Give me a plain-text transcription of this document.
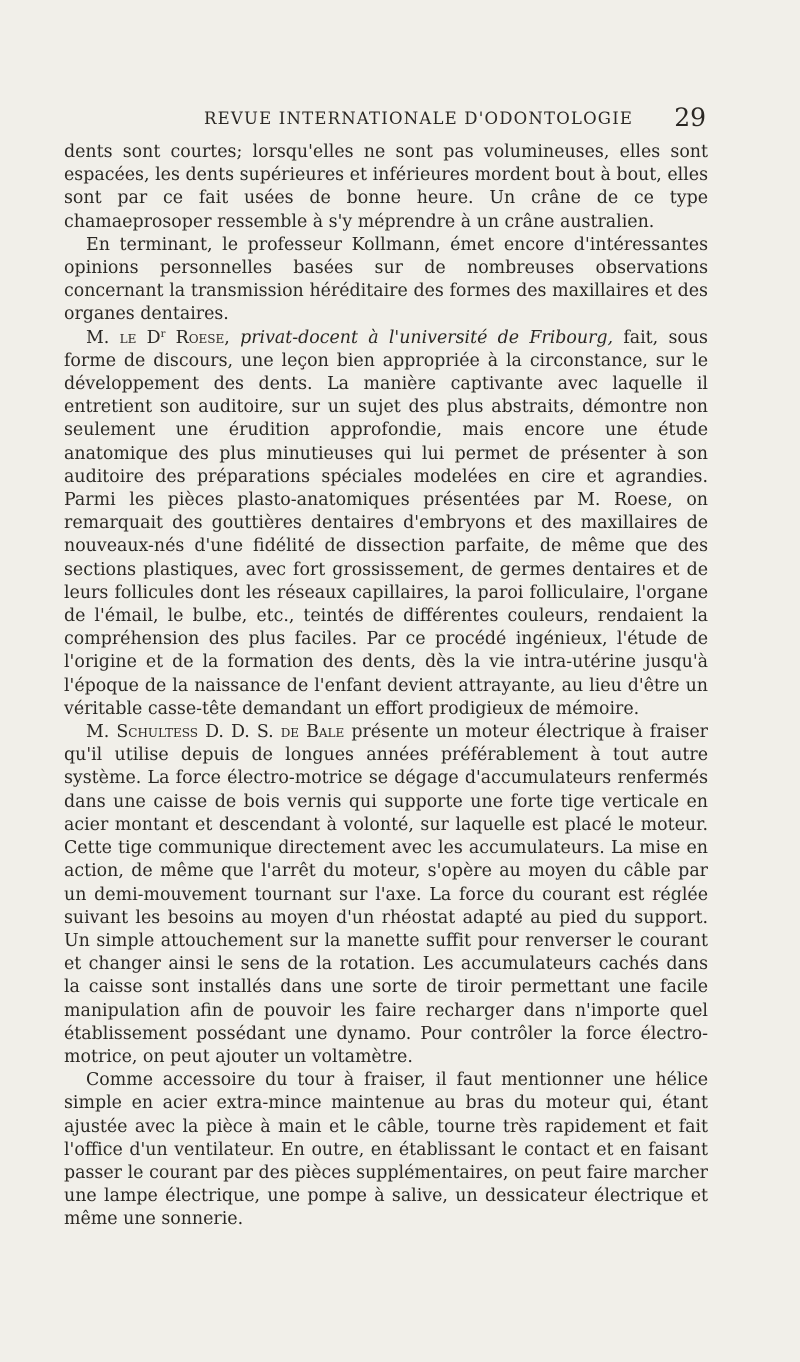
REVUE INTERNATIONALE D'ODONTOLOGIE 29

dents sont courtes; lorsqu'elles ne sont pas volumineuses, elles sont espacées, les dents supérieures et inférieures mordent bout à bout, elles sont par ce fait usées de bonne heure. Un crâne de ce type chamaeprosoper ressemble à s'y méprendre à un crâne australien.

En terminant, le professeur Kollmann, émet encore d'intéressantes opinions personnelles basées sur de nombreuses observations concernant la transmission héréditaire des formes des maxillaires et des organes dentaires.

M. le $D^r$ Roese, privat-docent à l'université de Fribourg, fait, sous forme de discours, une leçon bien appropriée à la circonstance, sur le développement des dents. La manière captivante avec laquelle il entretient son auditoire, sur un sujet des plus abstraits, démontre non seulement une érudition approfondie, mais encore une étude anatomique des plus minutieuses qui lui permet de présenter à son auditoire des préparations spéciales modelées en cire et agrandies. Parmi les pièces plasto-anatomiques présentées par M. Roese, on remarquait des gouttières dentaires d'embryons et des maxillaires de nouveaux-nés d'une fidélité de dissection parfaite, de même que des sections plastiques, avec fort grossissement, de germes dentaires et de leurs follicules dont les réseaux capillaires, la paroi folliculaire, l'organe de l'émail, le bulbe, etc., teintés de différentes couleurs, rendaient la compréhension des plus faciles. Par ce procédé ingénieux, l'étude de l'origine et de la formation des dents, dès la vie intra-utérine jusqu'à l'époque de la naissance de l'enfant devient attrayante, au lieu d'être un véritable casse-tête demandant un effort prodigieux de mémoire.

M. Schultess D. D. S. de Bale présente un moteur électrique à fraiser qu'il utilise depuis de longues années préférablement à tout autre système. La force électro-motrice se dégage d'accumulateurs renfermés dans une caisse de bois vernis qui supporte une forte tige verticale en acier montant et descendant à volonté, sur laquelle est placé le moteur. Cette tige communique directement avec les accumulateurs. La mise en action, de même que l'arrêt du moteur, s'opère au moyen du câble par un demi-mouvement tournant sur l'axe. La force du courant est réglée suivant les besoins au moyen d'un rhéostat adapté au pied du support. Un simple attouchement sur la manette suffit pour renverser le courant et changer ainsi le sens de la rotation. Les accumulateurs cachés dans la caisse sont installés dans une sorte de tiroir permettant une facile manipulation afin de pouvoir les faire recharger dans n'importe quel établissement possédant une dynamo. Pour contrôler la force électro-motrice, on peut ajouter un voltamètre.

Comme accessoire du tour à fraiser, il faut mentionner une hélice simple en acier extra-mince maintenue au bras du moteur qui, étant ajustée avec la pièce à main et le câble, tourne très rapidement et fait l'office d'un ventilateur. En outre, en établissant le contact et en faisant passer le courant par des pièces supplémentaires, on peut faire marcher une lampe électrique, une pompe à salive, un dessicateur électrique et même une sonnerie.
